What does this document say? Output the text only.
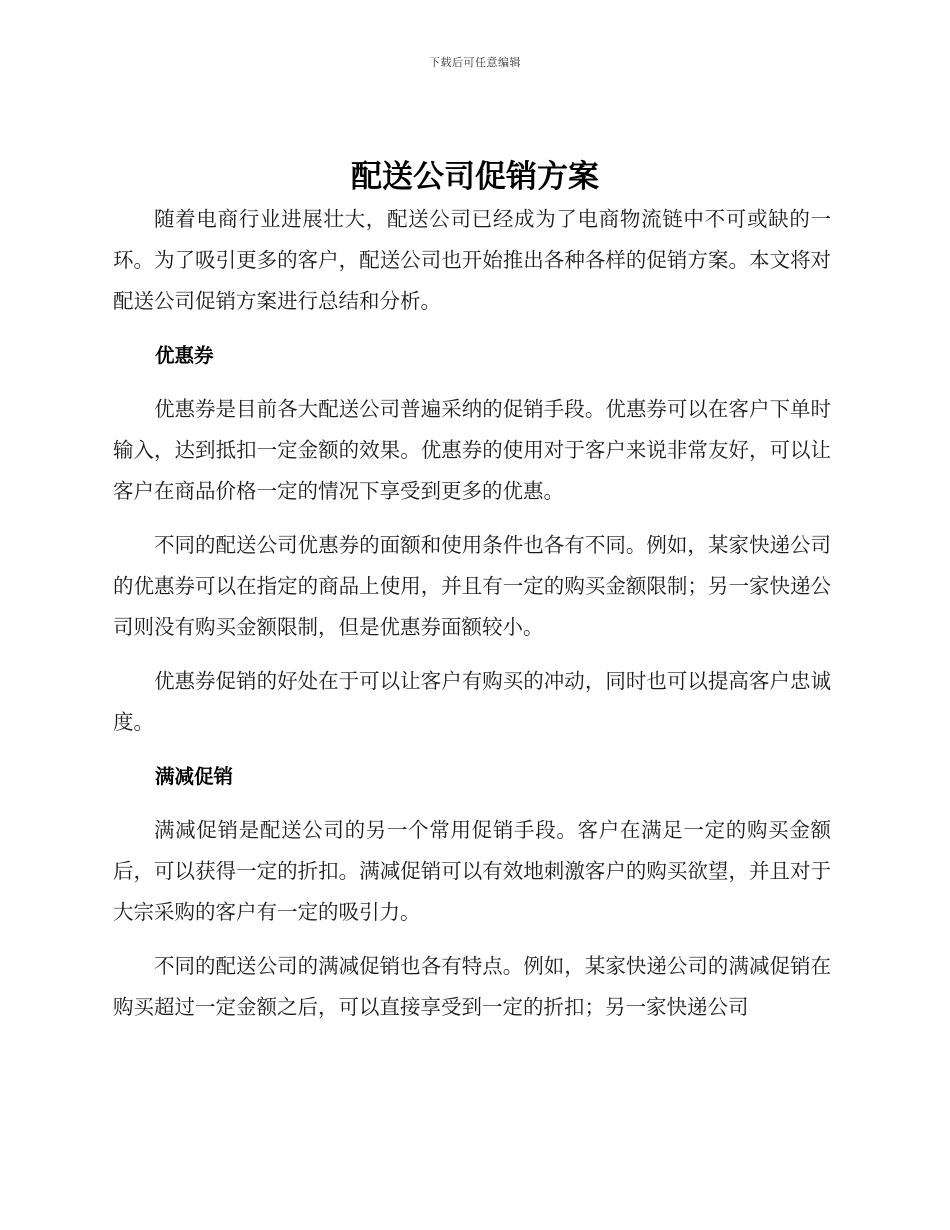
下载后可任意编辑
配送公司促销方案

随着电商行业进展壮大，配送公司已经成为了电商物流链中不可或缺的一环。为了吸引更多的客户，配送公司也开始推出各种各样的促销方案。本文将对配送公司促销方案进行总结和分析。

优惠券

优惠券是目前各大配送公司普遍采纳的促销手段。优惠券可以在客户下单时输入，达到抵扣一定金额的效果。优惠券的使用对于客户来说非常友好，可以让客户在商品价格一定的情况下享受到更多的优惠。

不同的配送公司优惠券的面额和使用条件也各有不同。例如，某家快递公司的优惠券可以在指定的商品上使用，并且有一定的购买金额限制；另一家快递公司则没有购买金额限制，但是优惠券面额较小。

优惠券促销的好处在于可以让客户有购买的冲动，同时也可以提高客户忠诚度。

满减促销

满减促销是配送公司的另一个常用促销手段。客户在满足一定的购买金额后，可以获得一定的折扣。满减促销可以有效地刺激客户的购买欲望，并且对于大宗采购的客户有一定的吸引力。

不同的配送公司的满减促销也各有特点。例如，某家快递公司的满减促销在购买超过一定金额之后，可以直接享受到一定的折扣；另一家快递公司
